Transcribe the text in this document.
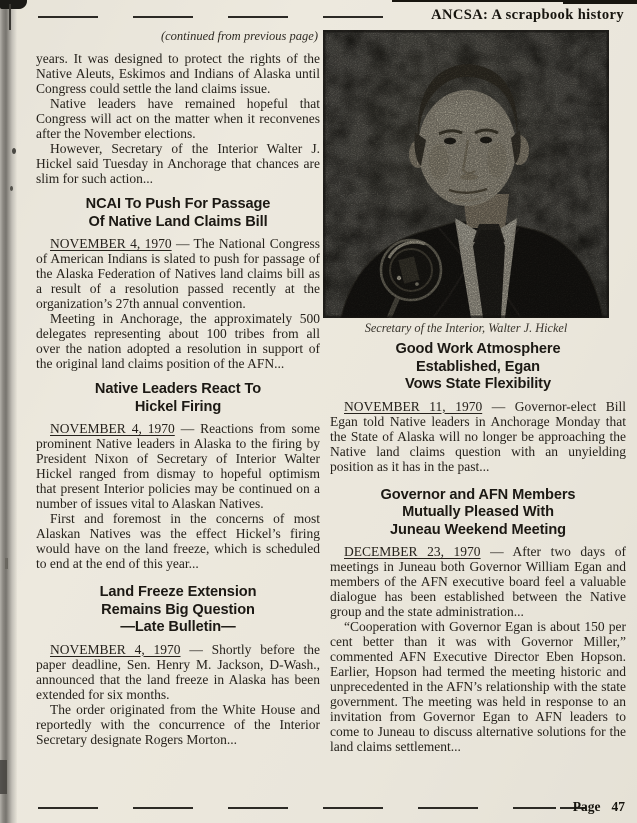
ANCSA: A scrapbook history

(continued from previous page)

years. It was designed to protect the rights of the Native Aleuts, Eskimos and Indians of Alaska until Congress could settle the land claims issue.

Native leaders have remained hopeful that Congress will act on the matter when it reconvenes after the November elections.

However, Secretary of the Interior Walter J. Hickel said Tuesday in Anchorage that chances are slim for such action...

NCAI To Push For Passage
Of Native Land Claims Bill

NOVEMBER 4, 1970 — The National Congress of American Indians is slated to push for passage of the Alaska Federation of Natives land claims bill as a result of a resolution passed recently at the organization’s 27th annual convention.

Meeting in Anchorage, the approximately 500 delegates representing about 100 tribes from all over the nation adopted a resolution in support of the original land claims position of the AFN...

Native Leaders React To
Hickel Firing

NOVEMBER 4, 1970 — Reactions from some prominent Native leaders in Alaska to the firing by President Nixon of Secretary of Interior Walter Hickel ranged from dismay to hopeful optimism that present Interior policies may be continued on a number of issues vital to Alaskan Natives.

First and foremost in the concerns of most Alaskan Natives was the effect Hickel’s firing would have on the land freeze, which is scheduled to end at the end of this year...

Land Freeze Extension
Remains Big Question
—Late Bulletin—

NOVEMBER 4, 1970 — Shortly before the paper deadline, Sen. Henry M. Jackson, D-Wash., announced that the land freeze in Alaska has been extended for six months.

The order originated from the White House and reportedly with the concurrence of the Interior Secretary designate Rogers Morton...

Secretary of the Interior, Walter J. Hickel
Good Work Atmosphere
Established, Egan
Vows State Flexibility

NOVEMBER 11, 1970 — Governor-elect Bill Egan told Native leaders in Anchorage Monday that the State of Alaska will no longer be approaching the Native land claims question with an unyielding position as it has in the past...

Governor and AFN Members
Mutually Pleased With
Juneau Weekend Meeting

DECEMBER 23, 1970 — After two days of meetings in Juneau both Governor William Egan and members of the AFN executive board feel a valuable dialogue has been established between the Native group and the state administration...

“Cooperation with Governor Egan is about 150 per cent better than it was with Governor Miller,” commented AFN Executive Director Eben Hopson. Earlier, Hopson had termed the meeting historic and unprecedented in the AFN’s relationship with the state government. The meeting was held in response to an invitation from Governor Egan to AFN leaders to come to Juneau to discuss alternative solutions for the land claims settlement...

Page 47
